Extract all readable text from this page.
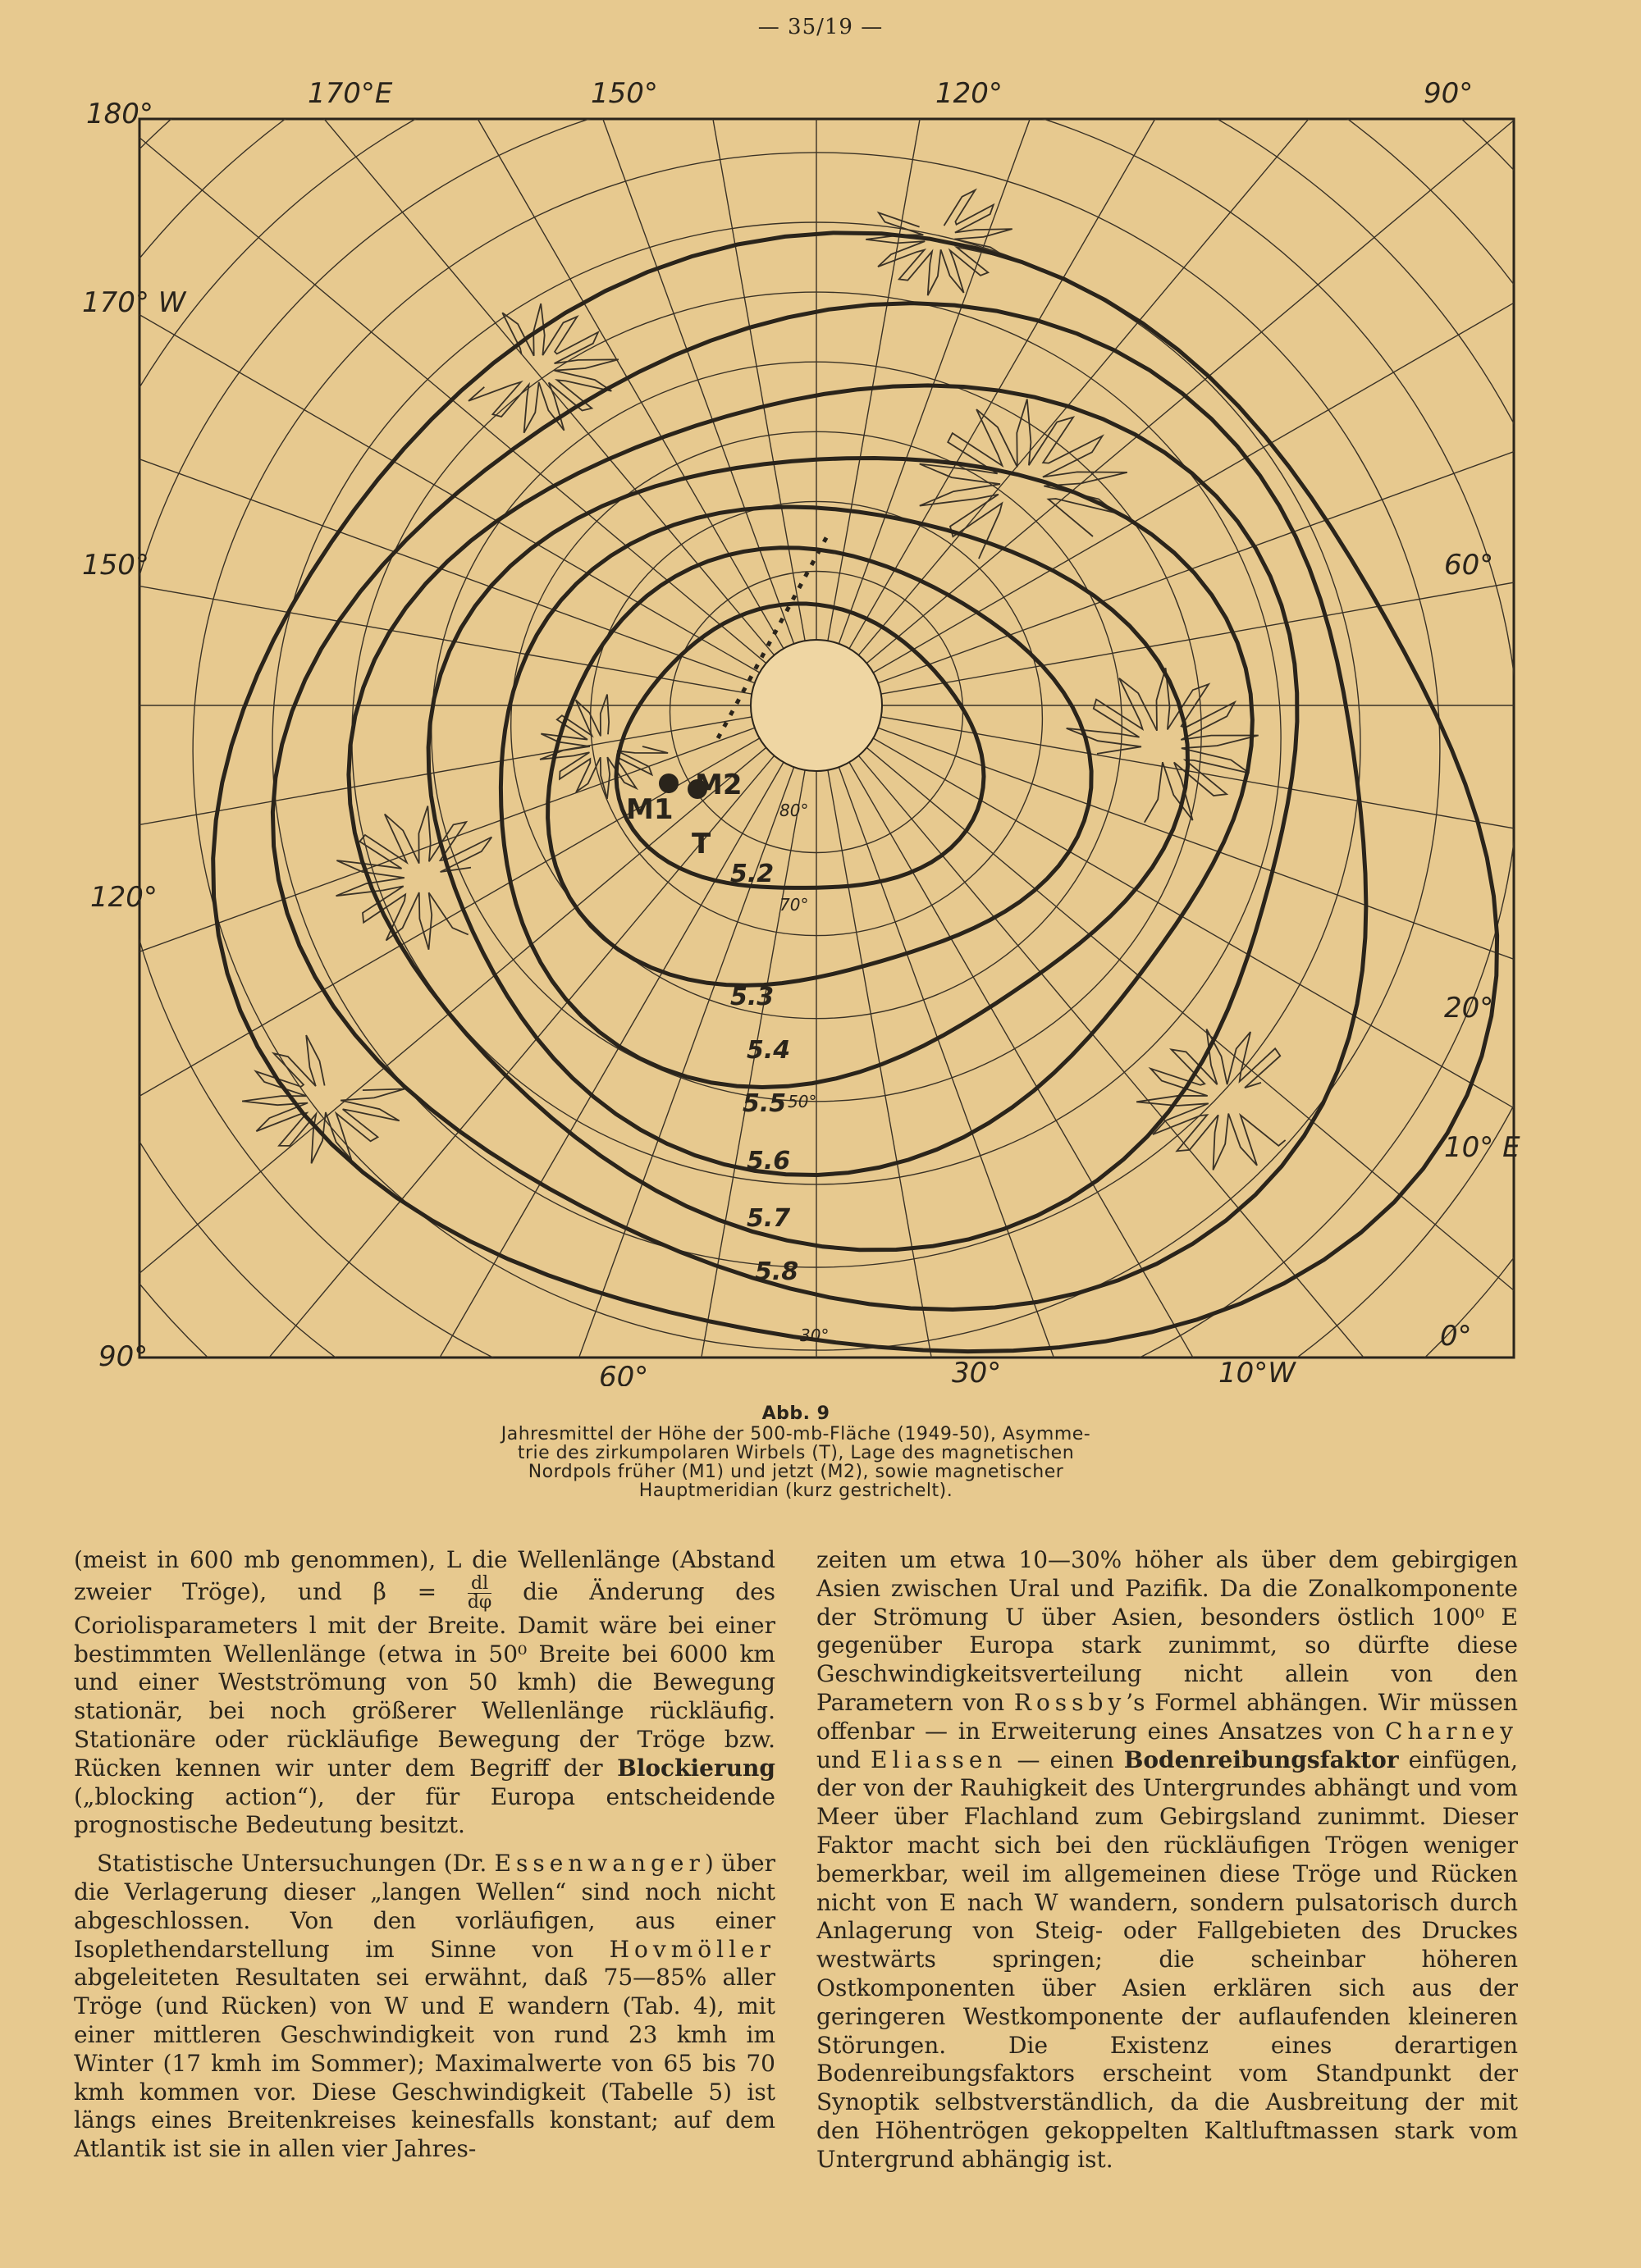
— 35/19 —
180°
170°E	150°	120°	90°
170° W
150°
120°
90°
60°	30°	10°W
0°
60°
20°
10° E
5.2
5.3
5.4
5.5
5.6
5.7
5.8
80°
70°
50°
30°
M1
M2
T
Abb. 9
Jahresmittel der Höhe der 500-mb-Fläche (1949-50), Asymme-
trie des zirkumpolaren Wirbels (T), Lage des magnetischen
Nordpols früher (M1) und jetzt (M2), sowie magnetischer
Hauptmeridian (kurz gestrichelt).

(meist in 600 mb genommen), L die Wellenlänge (Abstand zweier Tröge), und $\beta = \frac{dl}{d\varphi}$ die Änderung des Coriolisparameters l mit der Breite. Damit wäre bei einer bestimmten Wellenlänge (etwa in 50⁰ Breite bei 6000 km und einer Westströmung von 50 kmh) die Bewegung stationär, bei noch größerer Wellenlänge rückläufig. Stationäre oder rückläufige Bewegung der Tröge bzw. Rücken kennen wir unter dem Begriff der Blockierung („blocking action“), der für Europa entscheidende prognostische Bedeutung besitzt.

Statistische Untersuchungen (Dr. Essenwanger) über die Verlagerung dieser „langen Wellen“ sind noch nicht abgeschlossen. Von den vorläufigen, aus einer Isoplethendarstellung im Sinne von Hovmöller abgeleiteten Resultaten sei erwähnt, daß 75—85% aller Tröge (und Rücken) von W und E wandern (Tab. 4), mit einer mittleren Geschwindigkeit von rund 23 kmh im Winter (17 kmh im Sommer); Maximalwerte von 65 bis 70 kmh kommen vor. Diese Geschwindigkeit (Tabelle 5) ist längs eines Breitenkreises keinesfalls konstant; auf dem Atlantik ist sie in allen vier Jahres-

zeiten um etwa 10—30% höher als über dem gebirgigen Asien zwischen Ural und Pazifik. Da die Zonalkomponente der Strömung U über Asien, besonders östlich 100⁰ E gegenüber Europa stark zunimmt, so dürfte diese Geschwindigkeitsverteilung nicht allein von den Parametern von Rossby’s Formel abhängen. Wir müssen offenbar — in Erweiterung eines Ansatzes von Charney und Eliassen — einen Bodenreibungsfaktor einfügen, der von der Rauhigkeit des Untergrundes abhängt und vom Meer über Flachland zum Gebirgsland zunimmt. Dieser Faktor macht sich bei den rückläufigen Trögen weniger bemerkbar, weil im allgemeinen diese Tröge und Rücken nicht von E nach W wandern, sondern pulsatorisch durch Anlagerung von Steig- oder Fallgebieten des Druckes westwärts springen; die scheinbar höheren Ostkomponenten über Asien erklären sich aus der geringeren Westkomponente der auflaufenden kleineren Störungen. Die Existenz eines derartigen Bodenreibungsfaktors erscheint vom Standpunkt der Synoptik selbstverständlich, da die Ausbreitung der mit den Höhentrögen gekoppelten Kaltluftmassen stark vom Untergrund abhängig ist.
